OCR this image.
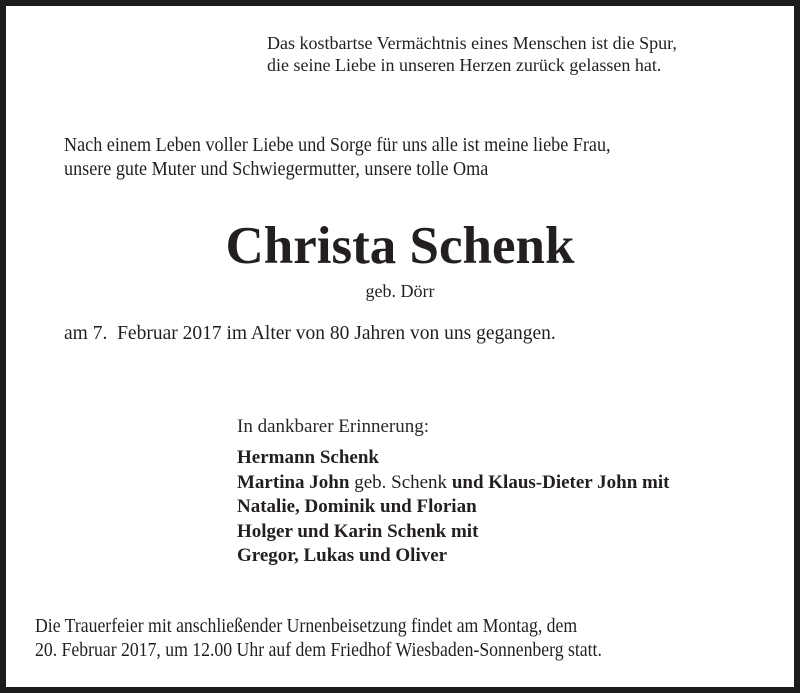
Das kostbartse Vermächtnis eines Menschen ist die Spur,
die seine Liebe in unseren Herzen zurück gelassen hat.
Nach einem Leben voller Liebe und Sorge für uns alle ist meine liebe Frau,
unsere gute Muter und Schwiegermutter, unsere tolle Oma
Christa Schenk
geb. Dörr
am 7.  Februar 2017 im Alter von 80 Jahren von uns gegangen.
In dankbarer Erinnerung:
Hermann Schenk
Martina John geb. Schenk und Klaus-Dieter John mit
Natalie, Dominik und Florian
Holger und Karin Schenk mit
Gregor, Lukas und Oliver
Die Trauerfeier mit anschließender Urnenbeisetzung findet am Montag, dem
20. Februar 2017, um 12.00 Uhr auf dem Friedhof Wiesbaden-Sonnenberg statt.
